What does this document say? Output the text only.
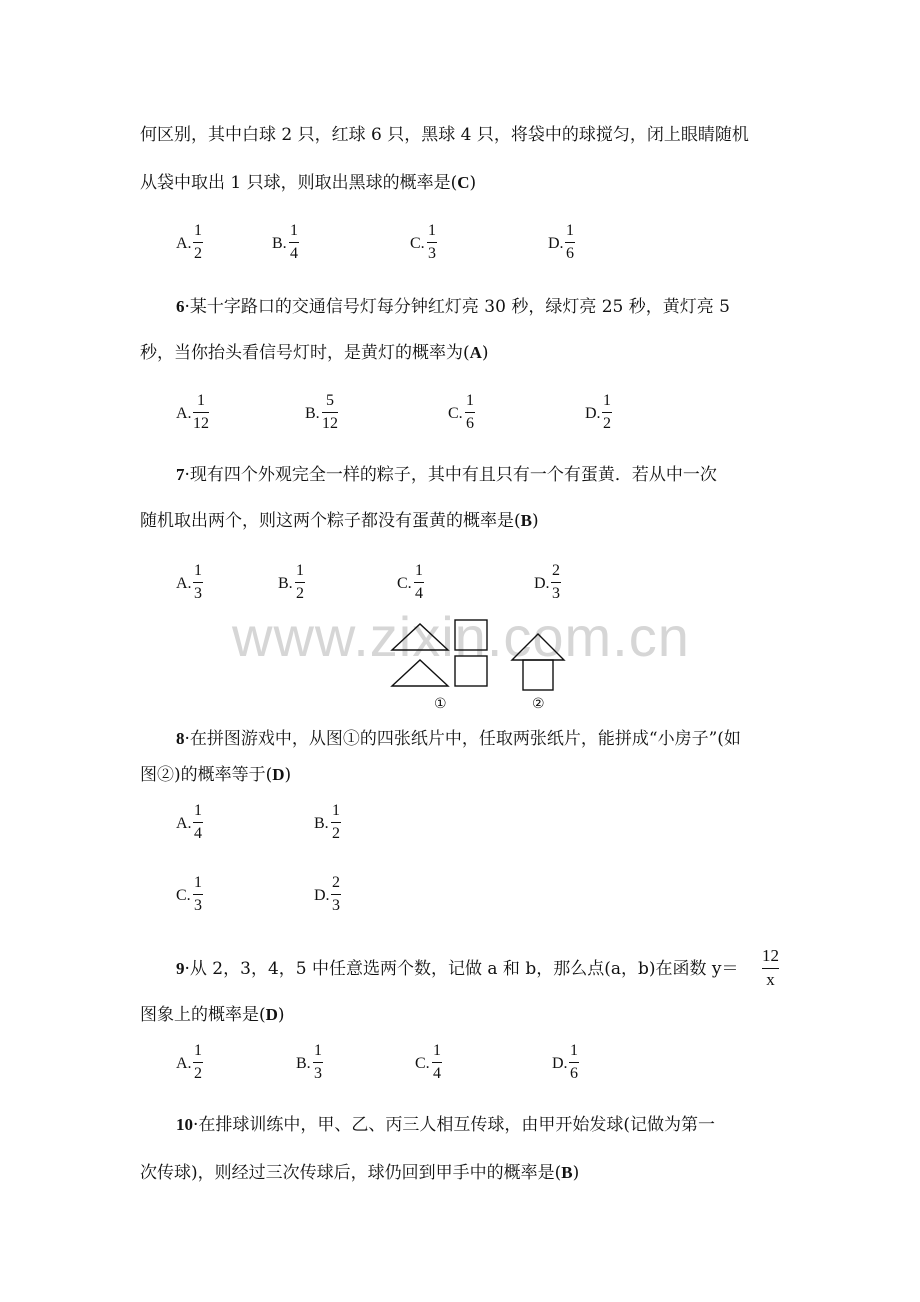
www.zixin.com.cn
何区别，其中白球 2 只，红球 6 只，黑球 4 只，将袋中的球搅匀，闭上眼睛随机
从袋中取出 1 只球，则取出黑球的概率是(C)
A. $\frac{1}{2}$	B. $\frac{1}{4}$	C. $\frac{1}{3}$	D. $\frac{1}{6}$
6·某十字路口的交通信号灯每分钟红灯亮 30 秒，绿灯亮 25 秒，黄灯亮 5
秒，当你抬头看信号灯时，是黄灯的概率为(A)
A. $\frac{1}{12}$	B. $\frac{5}{12}$	C. $\frac{1}{6}$	D. $\frac{1}{2}$
7·现有四个外观完全一样的粽子，其中有且只有一个有蛋黄．若从中一次
随机取出两个，则这两个粽子都没有蛋黄的概率是(B)
A. $\frac{1}{3}$	B. $\frac{1}{2}$	C. $\frac{1}{4}$	D. $\frac{2}{3}$
①	②
8·在拼图游戏中，从图①的四张纸片中，任取两张纸片，能拼成“小房子”(如
图②)的概率等于(D)
A. $\frac{1}{4}$	B. $\frac{1}{2}$
C. $\frac{1}{3}$	D. $\frac{2}{3}$
9·从 2，3，4，5 中任意选两个数，记做 a 和 b，那么点(a，b)在函数 y＝
12
x
图象上的概率是(D)
A. $\frac{1}{2}$	B. $\frac{1}{3}$	C. $\frac{1}{4}$	D. $\frac{1}{6}$
10·在排球训练中，甲、乙、丙三人相互传球，由甲开始发球(记做为第一
次传球)，则经过三次传球后，球仍回到甲手中的概率是(B)
